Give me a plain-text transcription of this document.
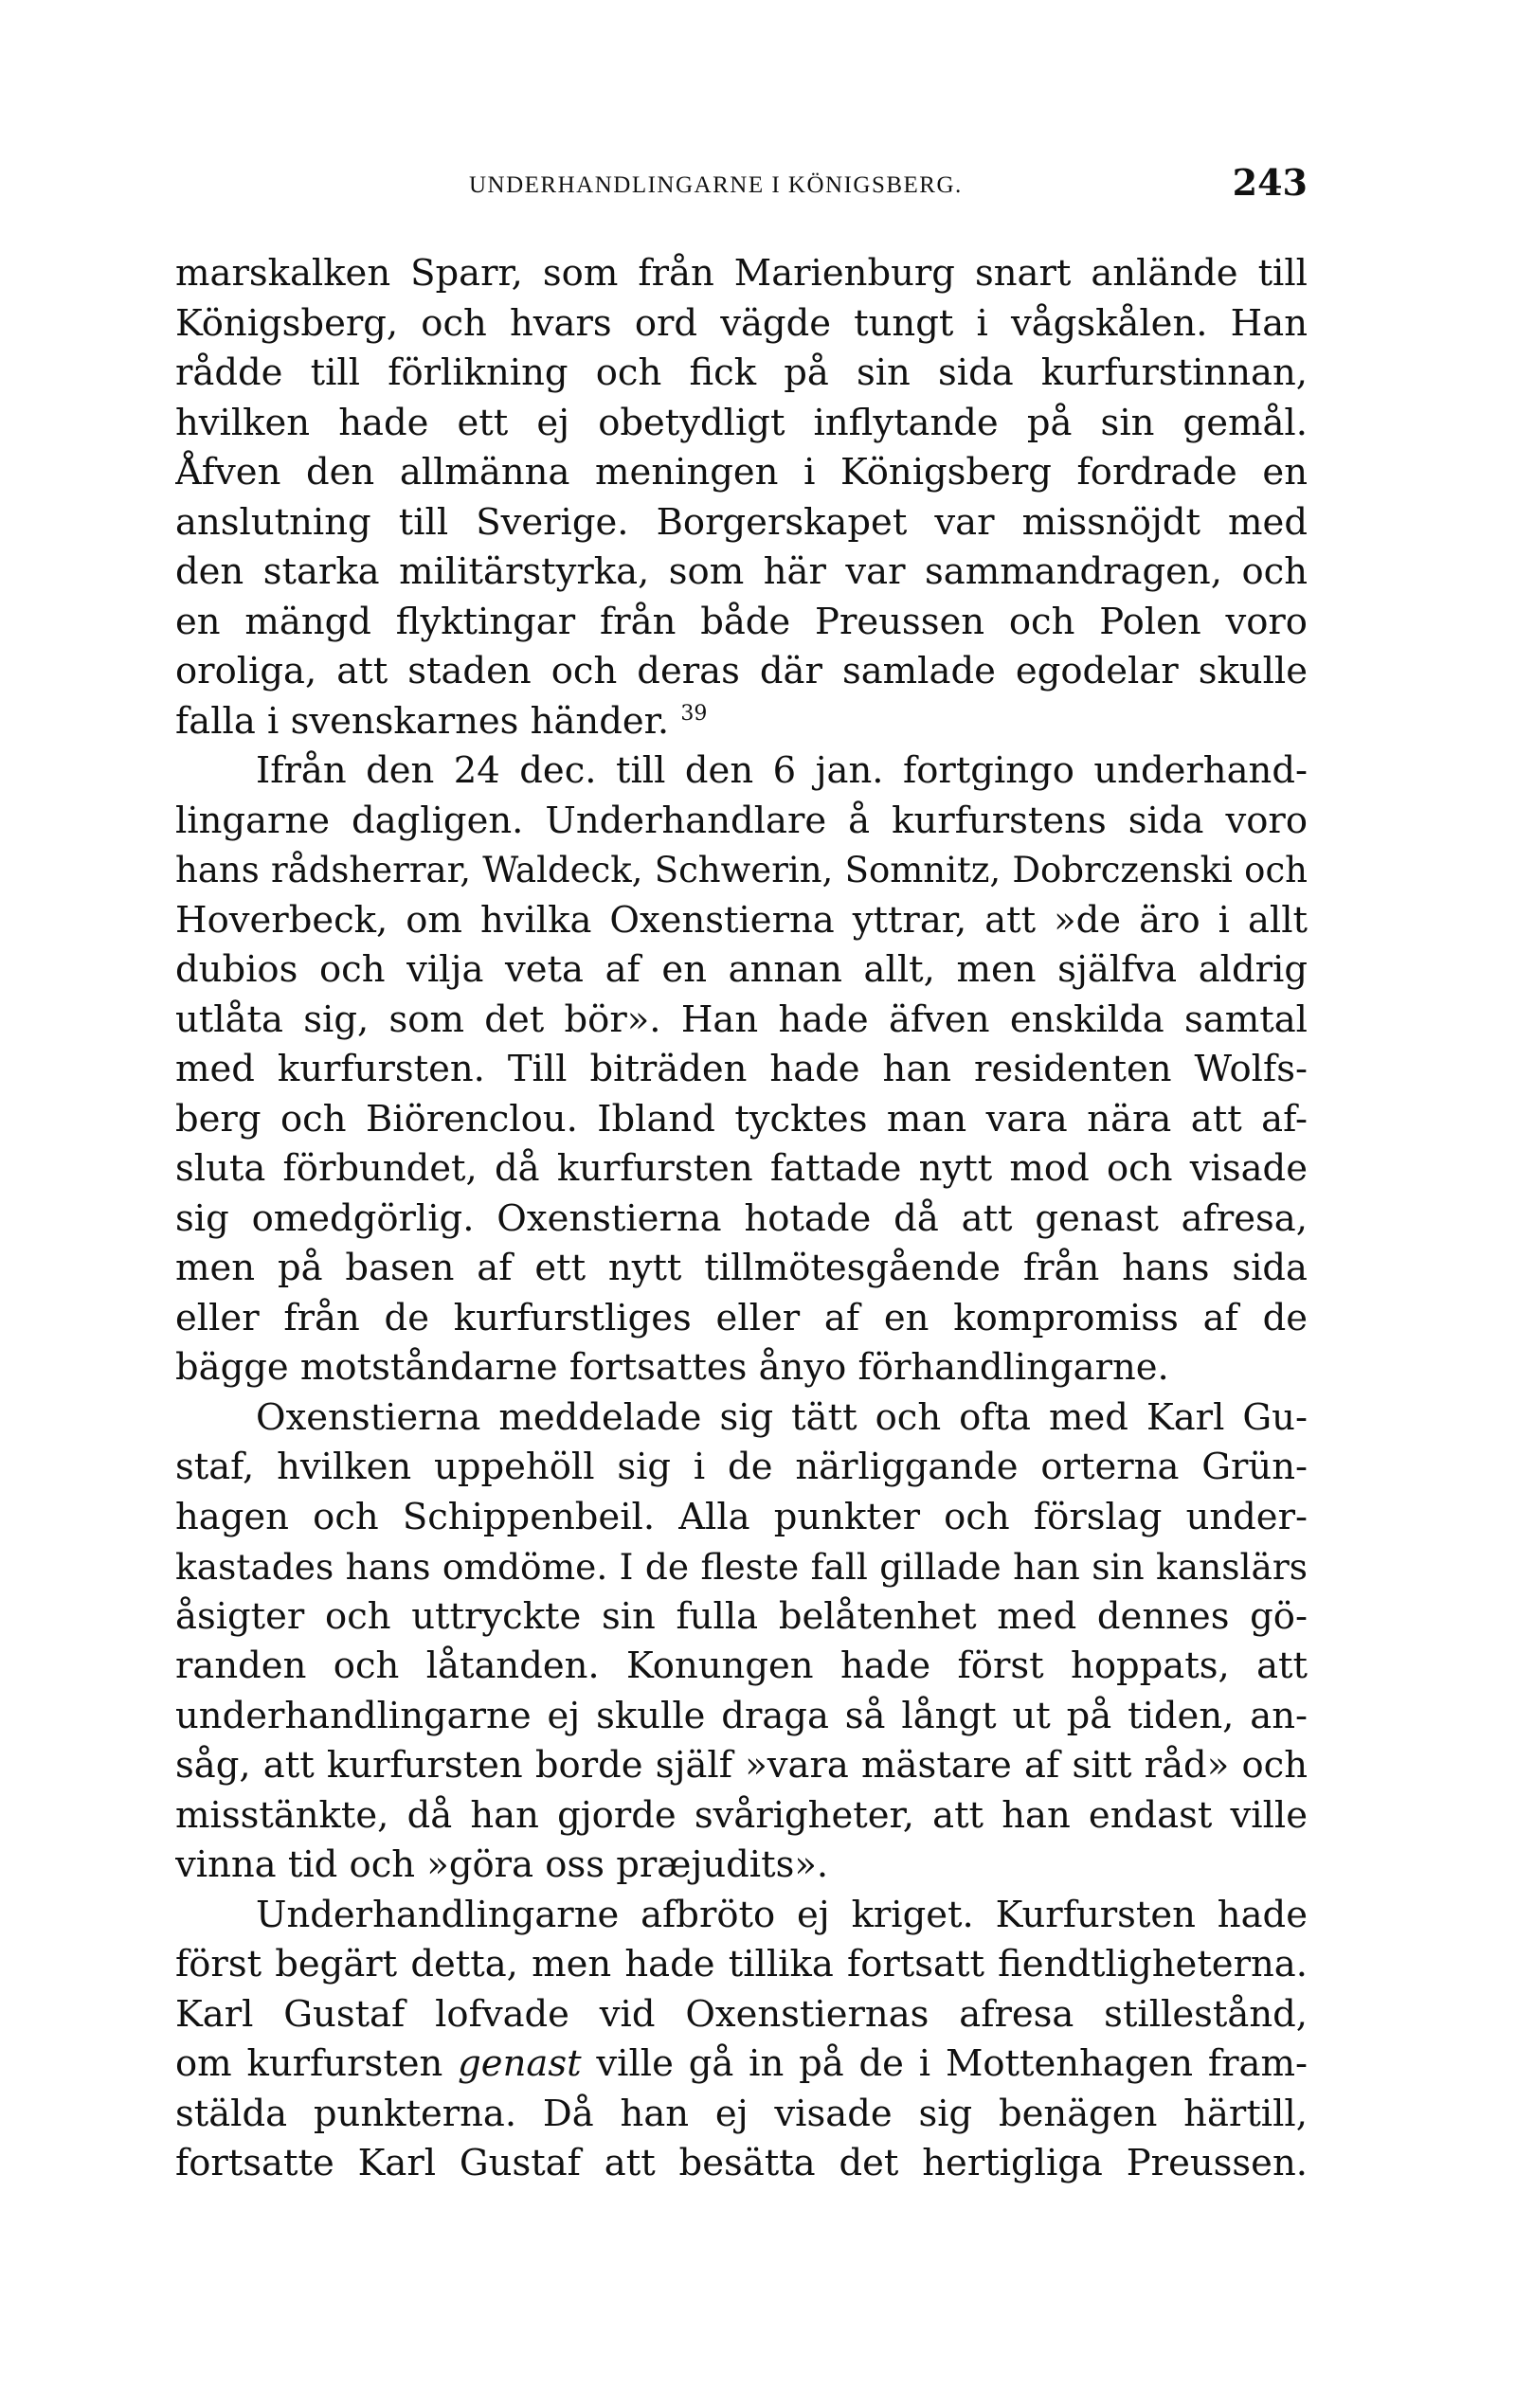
UNDERHANDLINGARNE I KÖNIGSBERG.	243
marskalken Sparr, som från Marienburg snart anlände till
Königsberg, och hvars ord vägde tungt i vågskålen. Han
rådde till förlikning och fick på sin sida kurfurstinnan,
hvilken hade ett ej obetydligt inflytande på sin gemål.
Åfven den allmänna meningen i Königsberg fordrade en
anslutning till Sverige. Borgerskapet var missnöjdt med
den starka militärstyrka, som här var sammandragen, och
en mängd flyktingar från både Preussen och Polen voro
oroliga, att staden och deras där samlade egodelar skulle
falla i svenskarnes händer. $^{39}$
Ifrån den 24 dec. till den 6 jan. fortgingo underhand-
lingarne dagligen. Underhandlare å kurfurstens sida voro
hans rådsherrar, Waldeck, Schwerin, Somnitz, Dobrczenski och
Hoverbeck, om hvilka Oxenstierna yttrar, att »de äro i allt
dubios och vilja veta af en annan allt, men själfva aldrig
utlåta sig, som det bör». Han hade äfven enskilda samtal
med kurfursten. Till biträden hade han residenten Wolfs-
berg och Biörenclou. Ibland tycktes man vara nära att af-
sluta förbundet, då kurfursten fattade nytt mod och visade
sig omedgörlig. Oxenstierna hotade då att genast afresa,
men på basen af ett nytt tillmötesgående från hans sida
eller från de kurfurstliges eller af en kompromiss af de
bägge motståndarne fortsattes ånyo förhandlingarne.
Oxenstierna meddelade sig tätt och ofta med Karl Gu-
staf, hvilken uppehöll sig i de närliggande orterna Grün-
hagen och Schippenbeil. Alla punkter och förslag under-
kastades hans omdöme. I de fleste fall gillade han sin kanslärs
åsigter och uttryckte sin fulla belåtenhet med dennes gö-
randen och låtanden. Konungen hade först hoppats, att
underhandlingarne ej skulle draga så långt ut på tiden, an-
såg, att kurfursten borde själf »vara mästare af sitt råd» och
misstänkte, då han gjorde svårigheter, att han endast ville
vinna tid och »göra oss præjudits».
Underhandlingarne afbröto ej kriget. Kurfursten hade
först begärt detta, men hade tillika fortsatt fiendtligheterna.
Karl Gustaf lofvade vid Oxenstiernas afresa stillestånd,
om kurfursten genast ville gå in på de i Mottenhagen fram-
stälda punkterna. Då han ej visade sig benägen härtill,
fortsatte Karl Gustaf att besätta det hertigliga Preussen.
